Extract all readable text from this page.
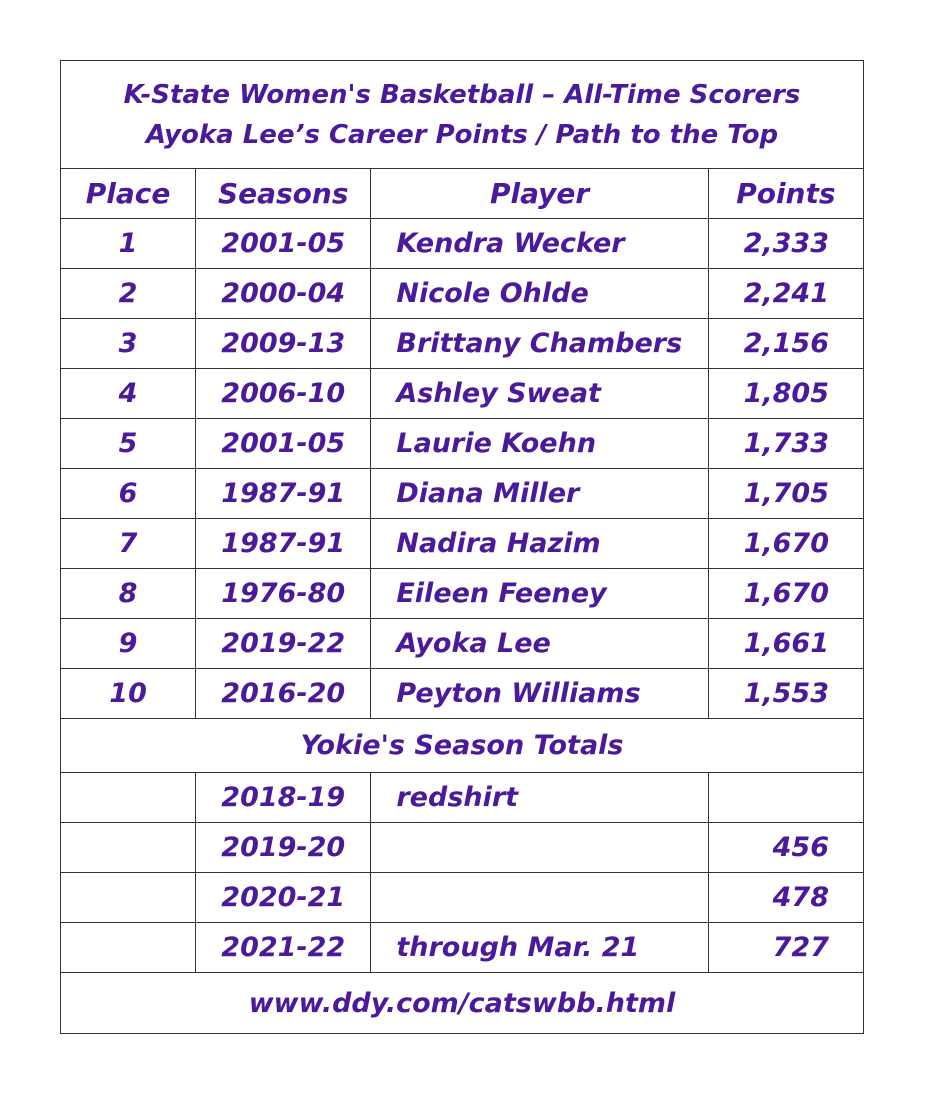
K-State Women's Basketball – All-Time Scorers
Ayoka Lee’s Career Points / Path to the Top			

Place	Seasons	Player	Points
1	2001-05	Kendra Wecker	2,333
2	2000-04	Nicole Ohlde	2,241
3	2009-13	Brittany Chambers	2,156
4	2006-10	Ashley Sweat	1,805
5	2001-05	Laurie Koehn	1,733
6	1987-91	Diana Miller	1,705
7	1987-91	Nadira Hazim	1,670
8	1976-80	Eileen Feeney	1,670
9	2019-22	Ayoka Lee	1,661
10	2016-20	Peyton Williams	1,553
Yokie's Season Totals			
	2018-19	redshirt	
	2019-20		456
	2020-21		478
	2021-22	through Mar. 21	727
www.ddy.com/catswbb.html			
